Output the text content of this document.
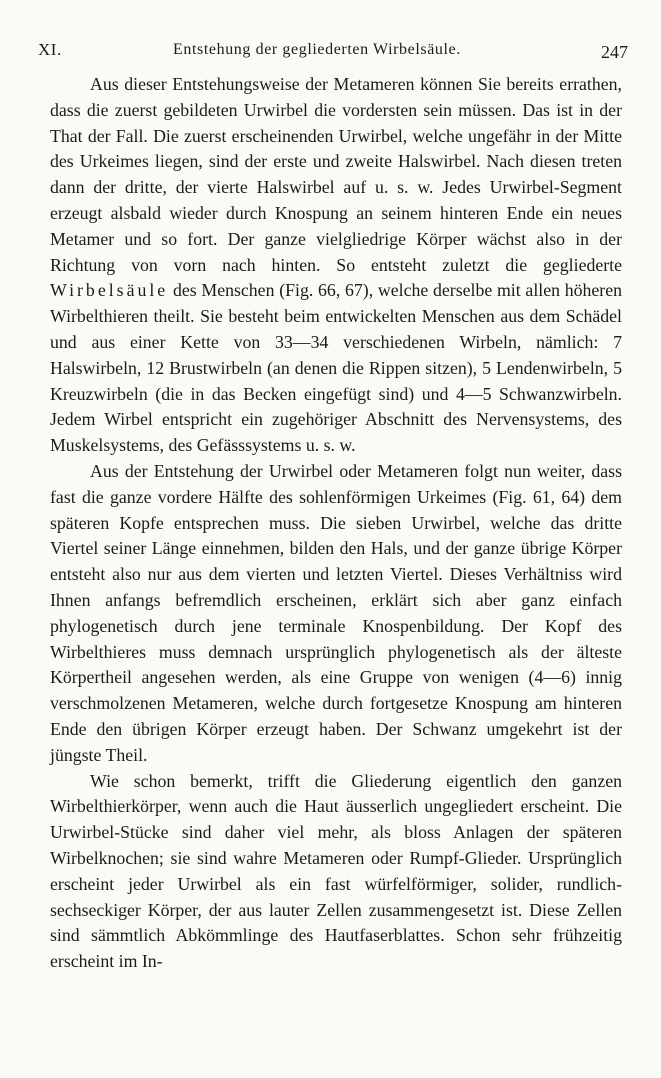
XI.	Entstehung der gegliederten Wirbelsäule.	247

Aus dieser Entstehungsweise der Metameren können Sie bereits errathen, dass die zuerst gebildeten Urwirbel die vordersten sein müssen. Das ist in der That der Fall. Die zuerst erscheinenden Urwirbel, welche ungefähr in der Mitte des Urkeimes liegen, sind der erste und zweite Halswirbel. Nach diesen treten dann der dritte, der vierte Halswirbel auf u. s. w. Jedes Urwirbel-Segment erzeugt alsbald wieder durch Knospung an seinem hinteren Ende ein neues Metamer und so fort. Der ganze vielgliedrige Körper wächst also in der Richtung von vorn nach hinten. So entsteht zuletzt die gegliederte Wirbelsäule des Menschen (Fig. 66, 67), welche derselbe mit allen höheren Wirbelthieren theilt. Sie besteht beim entwickelten Menschen aus dem Schädel und aus einer Kette von 33—34 verschiedenen Wirbeln, nämlich: 7 Halswirbeln, 12 Brustwirbeln (an denen die Rippen sitzen), 5 Lendenwirbeln, 5 Kreuzwirbeln (die in das Becken eingefügt sind) und 4—5 Schwanzwirbeln. Jedem Wirbel entspricht ein zugehöriger Abschnitt des Nervensystems, des Muskelsystems, des Gefässsystems u. s. w.

Aus der Entstehung der Urwirbel oder Metameren folgt nun weiter, dass fast die ganze vordere Hälfte des sohlenförmigen Urkeimes (Fig. 61, 64) dem späteren Kopfe entsprechen muss. Die sieben Urwirbel, welche das dritte Viertel seiner Länge einnehmen, bilden den Hals, und der ganze übrige Körper entsteht also nur aus dem vierten und letzten Viertel. Dieses Verhältniss wird Ihnen anfangs befremdlich erscheinen, erklärt sich aber ganz einfach phylogenetisch durch jene terminale Knospenbildung. Der Kopf des Wirbelthieres muss demnach ursprünglich phylogenetisch als der älteste Körpertheil angesehen werden, als eine Gruppe von wenigen (4—6) innig verschmolzenen Metameren, welche durch fortgesetze Knospung am hinteren Ende den übrigen Körper erzeugt haben. Der Schwanz umgekehrt ist der jüngste Theil.

Wie schon bemerkt, trifft die Gliederung eigentlich den ganzen Wirbelthierkörper, wenn auch die Haut äusserlich ungegliedert erscheint. Die Urwirbel-Stücke sind daher viel mehr, als bloss Anlagen der späteren Wirbelknochen; sie sind wahre Metameren oder Rumpf-Glieder. Ursprünglich erscheint jeder Urwirbel als ein fast würfelförmiger, solider, rundlich-sechseckiger Körper, der aus lauter Zellen zusammengesetzt ist. Diese Zellen sind sämmtlich Abkömmlinge des Hautfaserblattes. Schon sehr frühzeitig erscheint im In-
